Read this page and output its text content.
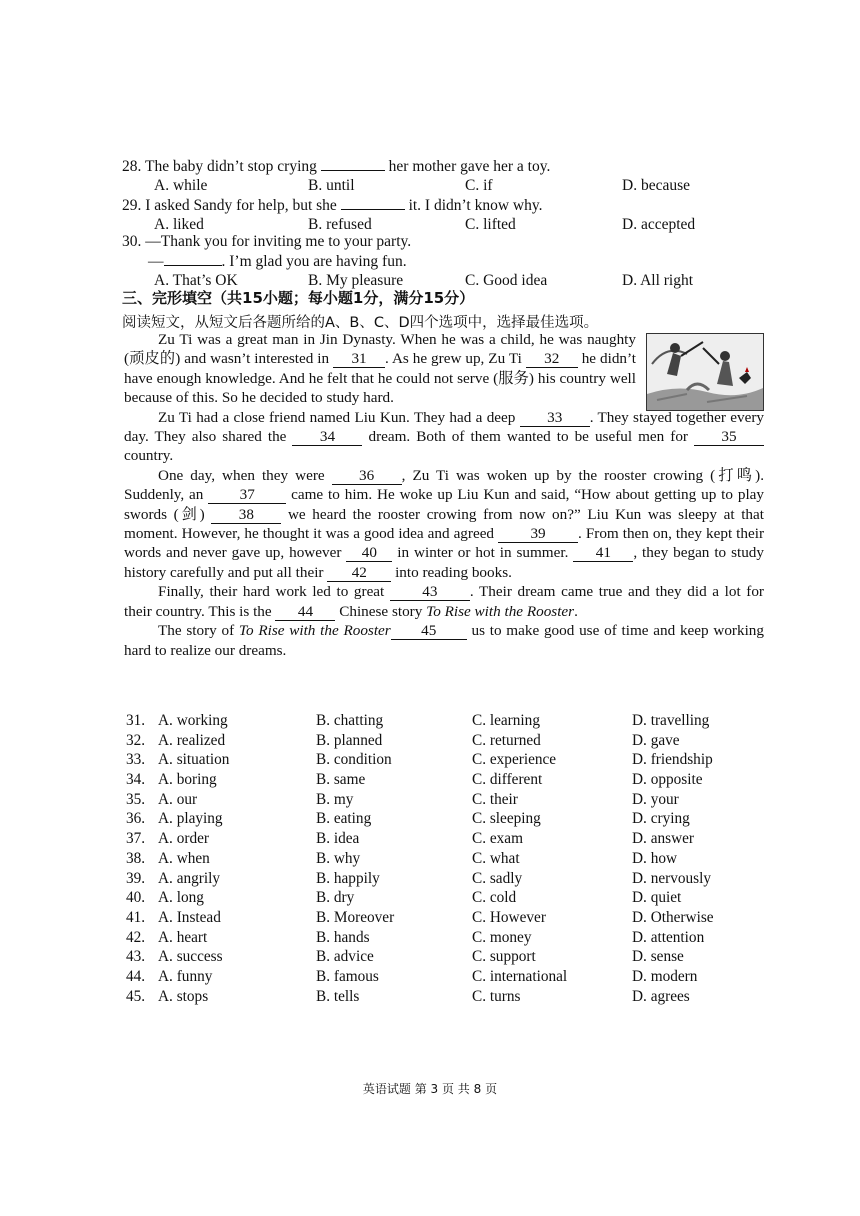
28. The baby didn’t stop crying	her mother gave her a toy.
A. while	B. until	C. if	D. because
29. I asked Sandy for help, but she	it. I didn’t know why.
A. liked	B. refused	C. lifted	D. accepted
30. —Thank you for inviting me to your party.
—	. I’m glad you are having fun.
A. That’s OK	B. My pleasure	C. Good idea	D. All right
三、完形填空（共15小题；每小题1分，满分15分）
阅读短文，从短文后各题所给的A、B、C、D四个选项中，选择最佳选项。

Zu Ti was a great man in Jin Dynasty. When he was a child, he was naughty (顽皮的) and wasn’t interested in 31 . As he grew up, Zu Ti 32 he didn’t have enough knowledge. And he felt that he could not serve (服务) his country well because of this. So he decided to study hard.

Zu Ti had a close friend named Liu Kun. They had a deep 33 . They stayed together every day. They also shared the 34 dream. Both of them wanted to be useful men for 35 country.

One day, when they were 36 , Zu Ti was woken up by the rooster crowing (打鸣). Suddenly, an 37 came to him. He woke up Liu Kun and said, “How about getting up to play swords (剑) 38 we heard the rooster crowing from now on?” Liu Kun was sleepy at that moment. However, he thought it was a good idea and agreed 39 . From then on, they kept their words and never gave up, however 40 in winter or hot in summer. 41 , they began to study history carefully and put all their 42 into reading books.

Finally, their hard work led to great 43 . Their dream came true and they did a lot for their country. This is the 44 Chinese story To Rise with the Rooster.

The story of To Rise with the Rooster 45 us to make good use of time and keep working hard to realize our dreams.

31. A. working	B. chatting	C. learning	D. travelling
32. A. realized	B. planned	C. returned	D. gave
33. A. situation	B. condition	C. experience	D. friendship
34. A. boring	B. same	C. different	D. opposite
35. A. our	B. my	C. their	D. your
36. A. playing	B. eating	C. sleeping	D. crying
37. A. order	B. idea	C. exam	D. answer
38. A. when	B. why	C. what	D. how
39. A. angrily	B. happily	C. sadly	D. nervously
40. A. long	B. dry	C. cold	D. quiet
41. A. Instead	B. Moreover	C. However	D. Otherwise
42. A. heart	B. hands	C. money	D. attention
43. A. success	B. advice	C. support	D. sense
44. A. funny	B. famous	C. international	D. modern
45. A. stops	B. tells	C. turns	D. agrees
英语试题 第 3 页 共 8 页
